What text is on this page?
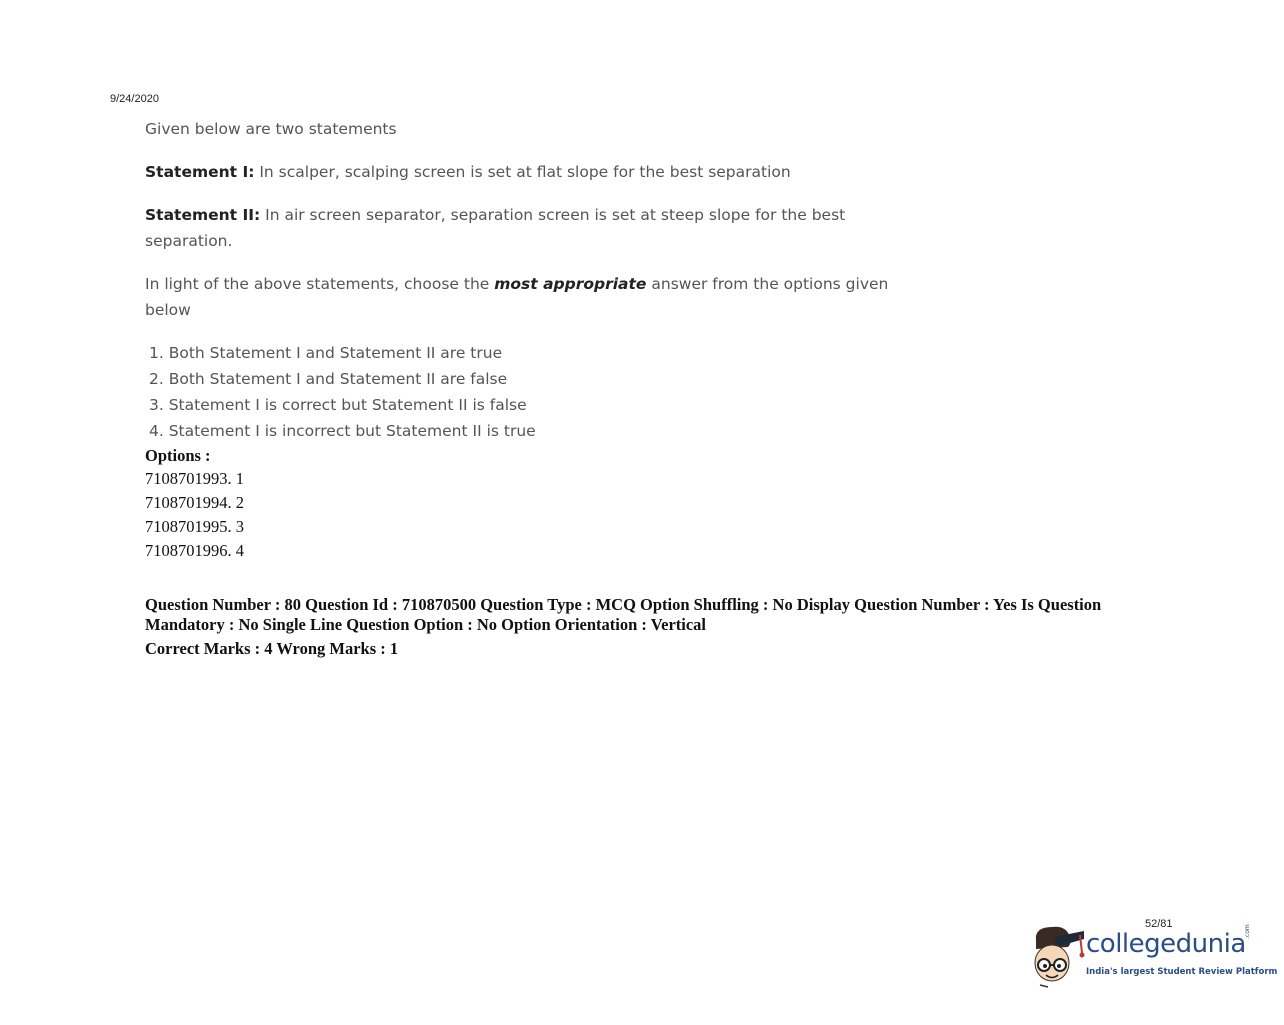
9/24/2020

Given below are two statements

Statement I: In scalper, scalping screen is set at flat slope for the best separation

Statement II: In air screen separator, separation screen is set at steep slope for the best separation.

In light of the above statements, choose the most appropriate answer from the options given below

1. Both Statement I and Statement II are true
2. Both Statement I and Statement II are false
3. Statement I is correct but Statement II is false
4. Statement I is incorrect but Statement II is true
Options :
7108701993. 1
7108701994. 2
7108701995. 3
7108701996. 4
Question Number : 80 Question Id : 710870500 Question Type : MCQ Option Shuffling : No Display Question Number : Yes Is Question Mandatory : No Single Line Question Option : No Option Orientation : Vertical
Correct Marks : 4 Wrong Marks : 1
52/81
collegedunia
.com
India's largest Student Review Platform
